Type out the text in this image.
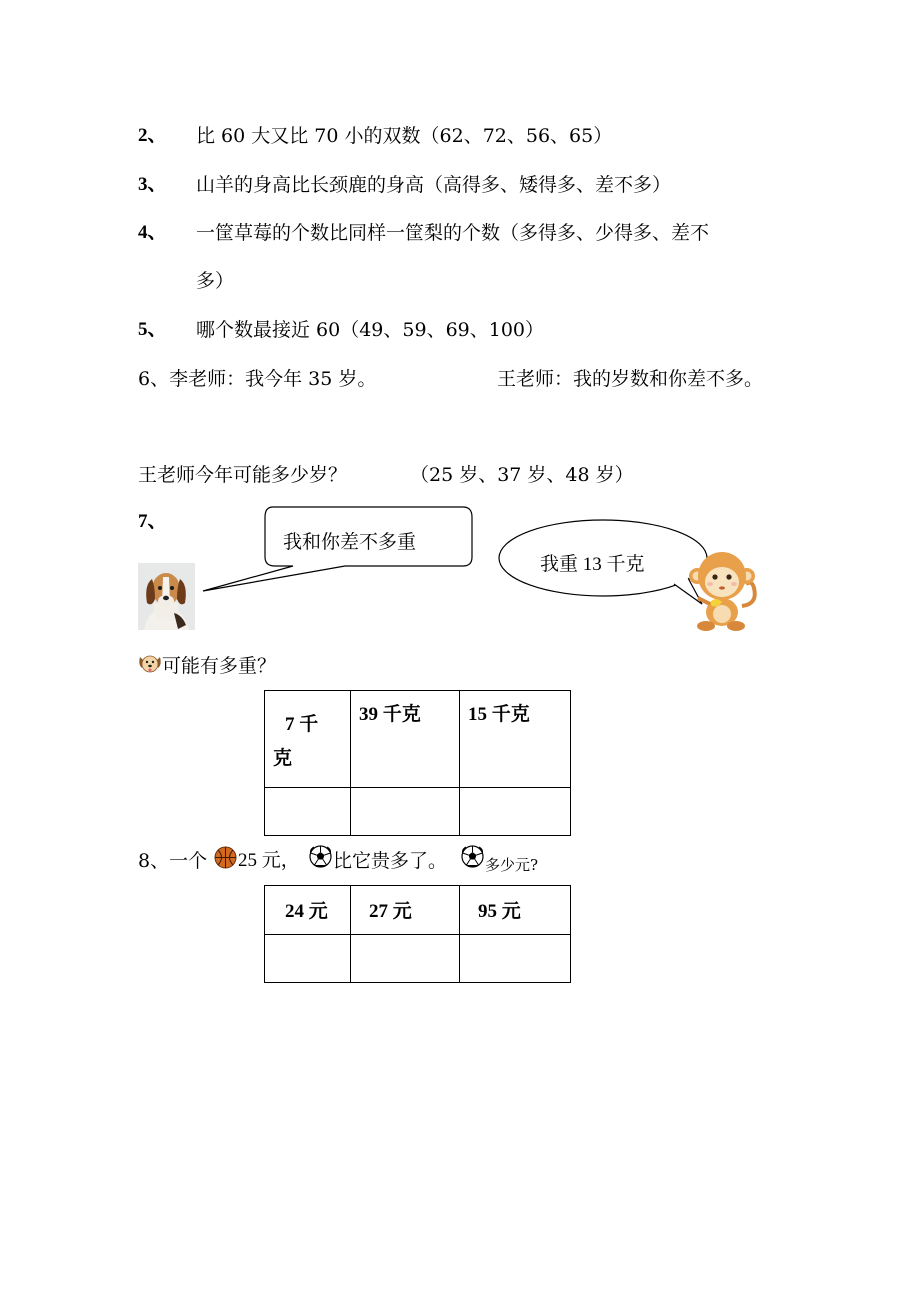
2、 比 60 大又比 70 小的双数（62、72、56、65）
3、 山羊的身高比长颈鹿的身高（高得多、矮得多、差不多）
4、 一筐草莓的个数比同样一筐梨的个数（多得多、少得多、差不
多）
5、 哪个数最接近 60（49、59、69、100）
6、李老师：我今年 35 岁。	王老师：我的岁数和你差不多。
王老师今年可能多少岁？	（25 岁、37 岁、48 岁）
7、
我和你差不多重
我重 13 千克
可能有多重？
7 千
克	39 千克	15 千克

8、一个 25 元， 比它贵多了。	多少元?
24 元	27 元	95 元
